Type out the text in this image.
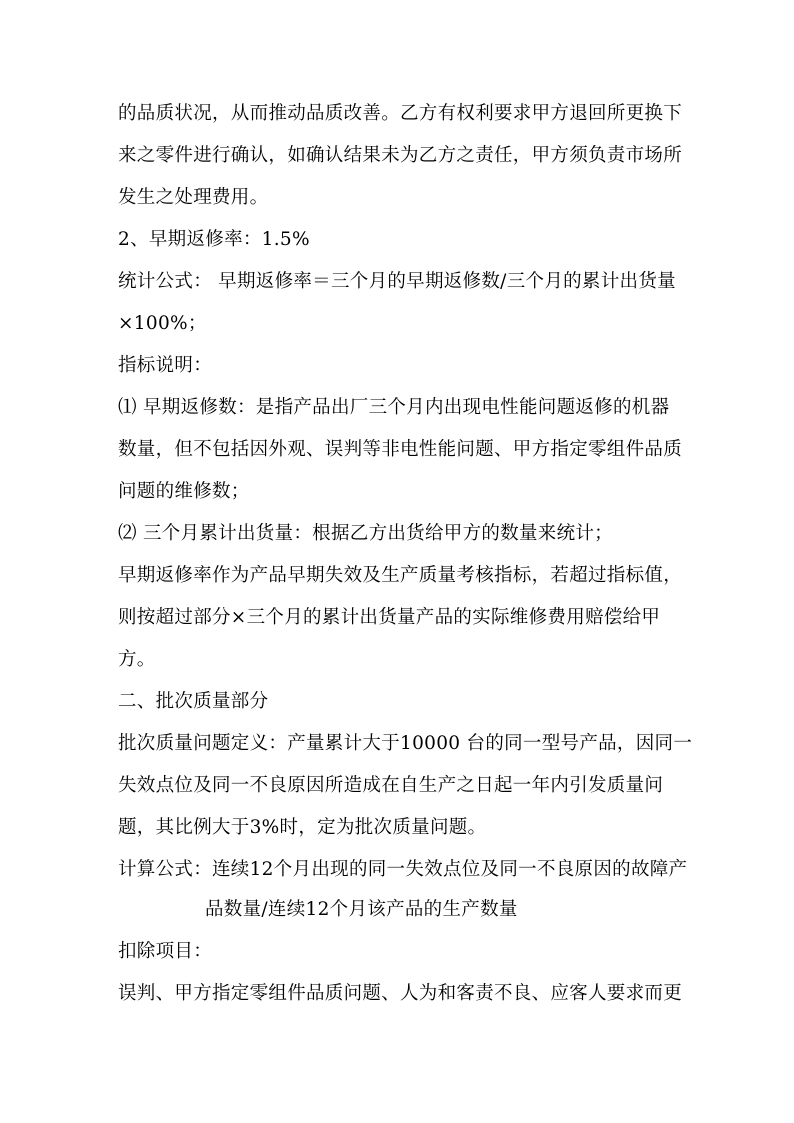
的品质状况，从而推动品质改善。乙方有权利要求甲方退回所更换下
来之零件进行确认，如确认结果未为乙方之责任，甲方须负责市场所
发生之处理费用。
2、早期返修率：1.5%
统计公式： 早期返修率＝三个月的早期返修数/三个月的累计出货量
×100%；
指标说明：
⑴ 早期返修数：是指产品出厂三个月内出现电性能问题返修的机器
数量，但不包括因外观、误判等非电性能问题、甲方指定零组件品质
问题的维修数；
⑵ 三个月累计出货量：根据乙方出货给甲方的数量来统计；
早期返修率作为产品早期失效及生产质量考核指标，若超过指标值，
则按超过部分×三个月的累计出货量产品的实际维修费用赔偿给甲
方。
二、批次质量部分
批次质量问题定义：产量累计大于10000 台的同一型号产品，因同一
失效点位及同一不良原因所造成在自生产之日起一年内引发质量问
题，其比例大于3%时，定为批次质量问题。
计算公式：连续12个月出现的同一失效点位及同一不良原因的故障产
品数量/连续12个月该产品的生产数量
扣除项目：
误判、甲方指定零组件品质问题、人为和客责不良、应客人要求而更
